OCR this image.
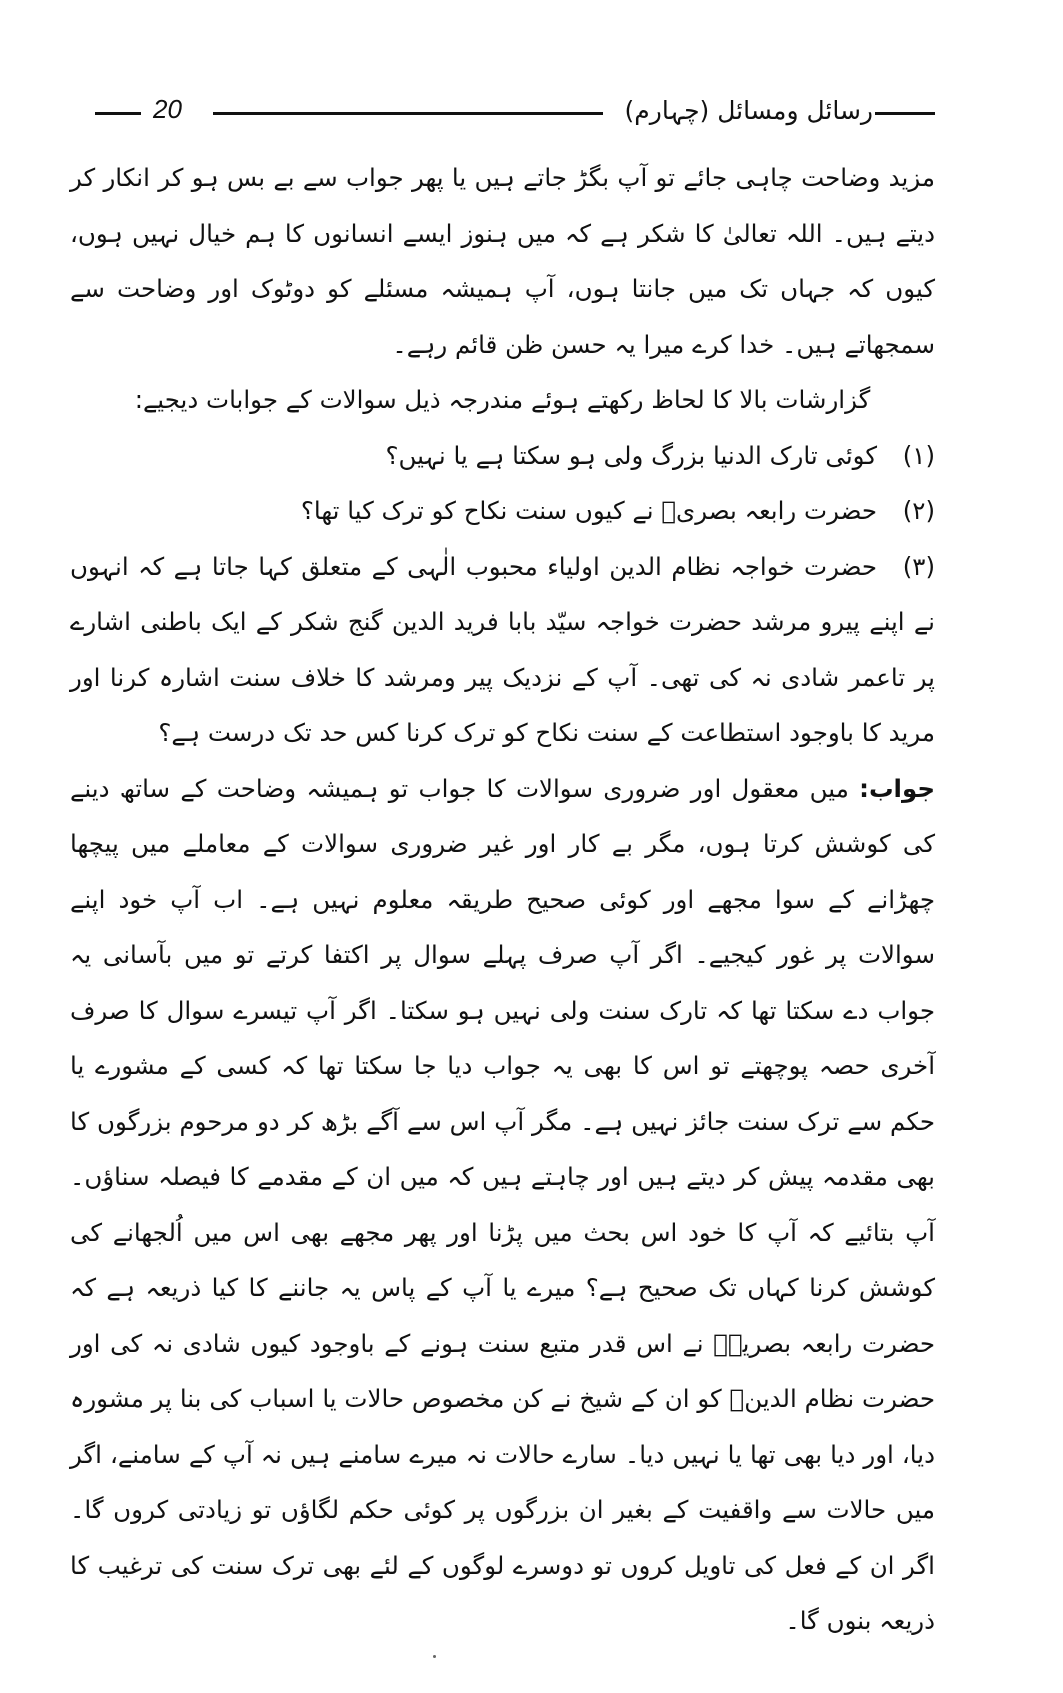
20	رسائل ومسائل (چہارم)

مزید وضاحت چاہی جائے تو آپ بگڑ جاتے ہیں یا پھر جواب سے بے بس ہو کر انکار کر دیتے ہیں۔ اللہ تعالیٰ کا شکر ہے کہ میں ہنوز ایسے انسانوں کا ہم خیال نہیں ہوں، کیوں کہ جہاں تک میں جانتا ہوں، آپ ہمیشہ مسئلے کو دوٹوک اور وضاحت سے سمجھاتے ہیں۔ خدا کرے میرا یہ حسن ظن قائم رہے۔

گزارشات بالا کا لحاظ رکھتے ہوئے مندرجہ ذیل سوالات کے جوابات دیجیے:

(۱)کوئی تارک الدنیا بزرگ ولی ہو سکتا ہے یا نہیں؟

(۲)حضرت رابعہ بصریؒ نے کیوں سنت نکاح کو ترک کیا تھا؟

(۳)حضرت خواجہ نظام الدین اولیاء محبوب الٰہی کے متعلق کہا جاتا ہے کہ انہوں نے اپنے پیرو مرشد حضرت خواجہ سیّد بابا فرید الدین گنج شکر کے ایک باطنی اشارے پر تاعمر شادی نہ کی تھی۔ آپ کے نزدیک پیر ومرشد کا خلاف سنت اشارہ کرنا اور مرید کا باوجود استطاعت کے سنت نکاح کو ترک کرنا کس حد تک درست ہے؟

جواب: میں معقول اور ضروری سوالات کا جواب تو ہمیشہ وضاحت کے ساتھ دینے کی کوشش کرتا ہوں، مگر بے کار اور غیر ضروری سوالات کے معاملے میں پیچھا چھڑانے کے سوا مجھے اور کوئی صحیح طریقہ معلوم نہیں ہے۔ اب آپ خود اپنے سوالات پر غور کیجیے۔ اگر آپ صرف پہلے سوال پر اکتفا کرتے تو میں بآسانی یہ جواب دے سکتا تھا کہ تارک سنت ولی نہیں ہو سکتا۔ اگر آپ تیسرے سوال کا صرف آخری حصہ پوچھتے تو اس کا بھی یہ جواب دیا جا سکتا تھا کہ کسی کے مشورے یا حکم سے ترک سنت جائز نہیں ہے۔ مگر آپ اس سے آگے بڑھ کر دو مرحوم بزرگوں کا بھی مقدمہ پیش کر دیتے ہیں اور چاہتے ہیں کہ میں ان کے مقدمے کا فیصلہ سناؤں۔ آپ بتائیے کہ آپ کا خود اس بحث میں پڑنا اور پھر مجھے بھی اس میں اُلجھانے کی کوشش کرنا کہاں تک صحیح ہے؟ میرے یا آپ کے پاس یہ جاننے کا کیا ذریعہ ہے کہ حضرت رابعہ بصریہؒ نے اس قدر متبع سنت ہونے کے باوجود کیوں شادی نہ کی اور حضرت نظام الدینؒ کو ان کے شیخ نے کن مخصوص حالات یا اسباب کی بنا پر مشورہ دیا، اور دیا بھی تھا یا نہیں دیا۔ سارے حالات نہ میرے سامنے ہیں نہ آپ کے سامنے، اگر میں حالات سے واقفیت کے بغیر ان بزرگوں پر کوئی حکم لگاؤں تو زیادتی کروں گا۔ اگر ان کے فعل کی تاویل کروں تو دوسرے لوگوں کے لئے بھی ترک سنت کی ترغیب کا ذریعہ بنوں گا۔
